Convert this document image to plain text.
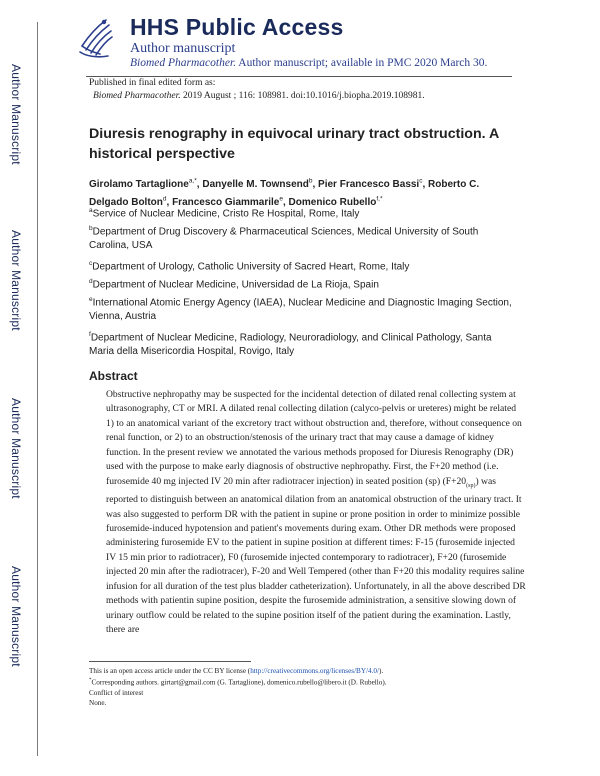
Author Manuscript
Author Manuscript
Author Manuscript
Author Manuscript
HHS Public Access
Author manuscript
Biomed Pharmacother. Author manuscript; available in PMC 2020 March 30.
Published in final edited form as:
Biomed Pharmacother. 2019 August ; 116: 108981. doi:10.1016/j.biopha.2019.108981.
Diuresis renography in equivocal urinary tract obstruction. A historical perspective
Girolamo Tartaglione$^{a,*}$, Danyelle M. Townsend$^b$, Pier Francesco Bassi$^c$, Roberto C. Delgado Bolton$^d$, Francesco Giammarile$^e$, Domenico Rubello$^{f,*}$
$^a$Service of Nuclear Medicine, Cristo Re Hospital, Rome, Italy
$^b$Department of Drug Discovery & Pharmaceutical Sciences, Medical University of South Carolina, USA
$^c$Department of Urology, Catholic University of Sacred Heart, Rome, Italy
$^d$Department of Nuclear Medicine, Universidad de La Rioja, Spain
$^e$International Atomic Energy Agency (IAEA), Nuclear Medicine and Diagnostic Imaging Section, Vienna, Austria
$^f$Department of Nuclear Medicine, Radiology, Neuroradiology, and Clinical Pathology, Santa Maria della Misericordia Hospital, Rovigo, Italy
Abstract
Obstructive nephropathy may be suspected for the incidental detection of dilated renal collecting system at ultrasonography, CT or MRI. A dilated renal collecting dilation (calyco-pelvis or ureteres) might be related 1) to an anatomical variant of the excretory tract without obstruction and, therefore, without consequence on renal function, or 2) to an obstruction/stenosis of the urinary tract that may cause a damage of kidney function. In the present review we annotated the various methods proposed for Diuresis Renography (DR) used with the purpose to make early diagnosis of obstructive nephropathy. First, the F+20 method (i.e. furosemide 40 mg injected IV 20 min after radiotracer injection) in seated position (sp) $(F+20_{(sp)})$ was reported to distinguish between an anatomical dilation from an anatomical obstruction of the urinary tract. It was also suggested to perform DR with the patient in supine or prone position in order to minimize possible furosemide-induced hypotension and patient's movements during exam. Other DR methods were proposed administering furosemide EV to the patient in supine position at different times: F-15 (furosemide injected IV 15 min prior to radiotracer), F0 (furosemide injected contemporary to radiotracer), F+20 (furosemide injected 20 min after the radiotracer), F-20 and Well Tempered (other than F+20 this modality requires saline infusion for all duration of the test plus bladder catheterization). Unfortunately, in all the above described DR methods with patientin supine position, despite the furosemide administration, a sensitive slowing down of urinary outflow could be related to the supine position itself of the patient during the examination. Lastly, there are
This is an open access article under the CC BY license (http://creativecommons.org/licenses/BY/4.0/).
*Corresponding authors. girtart@gmail.com (G. Tartaglione), domenico.rubello@libero.it (D. Rubello).
Conflict of interest
None.
